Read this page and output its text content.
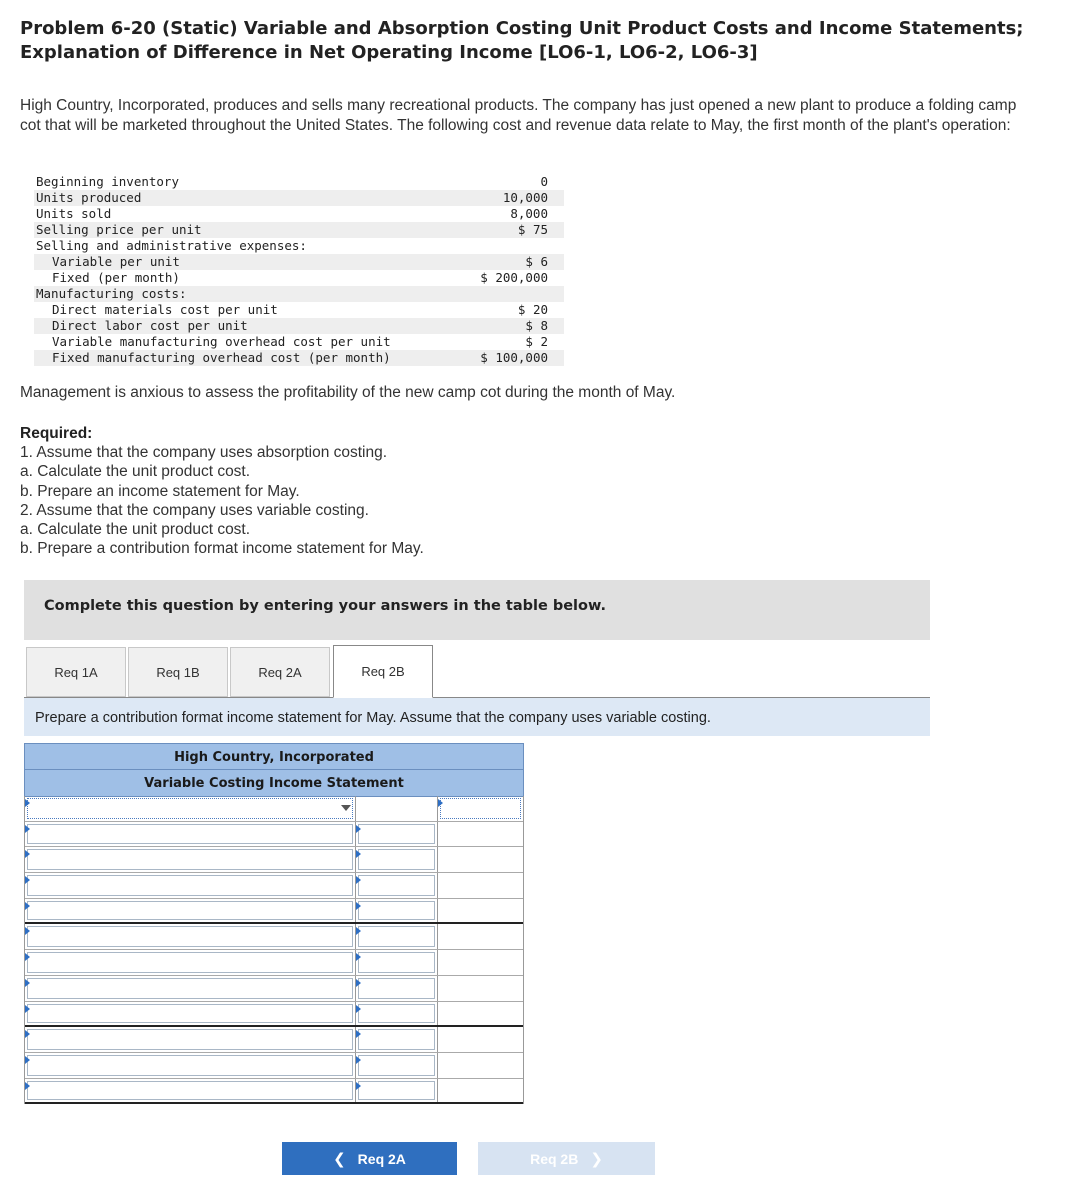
Problem 6-20 (Static) Variable and Absorption Costing Unit Product Costs and Income Statements;
Explanation of Difference in Net Operating Income [LO6-1, LO6-2, LO6-3]
High Country, Incorporated, produces and sells many recreational products. The company has just opened a new plant to produce a folding camp cot that will be marketed throughout the United States. The following cost and revenue data relate to May, the first month of the plant's operation:
Beginning inventory	0
Units produced	10,000
Units sold	8,000
Selling price per unit	$ 75
Selling and administrative expenses:
Variable per unit	$ 6
Fixed (per month)	$ 200,000
Manufacturing costs:
Direct materials cost per unit	$ 20
Direct labor cost per unit	$ 8
Variable manufacturing overhead cost per unit	$ 2
Fixed manufacturing overhead cost (per month)	$ 100,000
Management is anxious to assess the profitability of the new camp cot during the month of May.
Required:
1. Assume that the company uses absorption costing.
a. Calculate the unit product cost.
b. Prepare an income statement for May.
2. Assume that the company uses variable costing.
a. Calculate the unit product cost.
b. Prepare a contribution format income statement for May.
Complete this question by entering your answers in the table below.
Req 1A	Req 1B	Req 2A	Req 2B
Prepare a contribution format income statement for May. Assume that the company uses variable costing.
High Country, Incorporated
Variable Costing Income Statement
❮ Req 2A	Req 2B ❯
